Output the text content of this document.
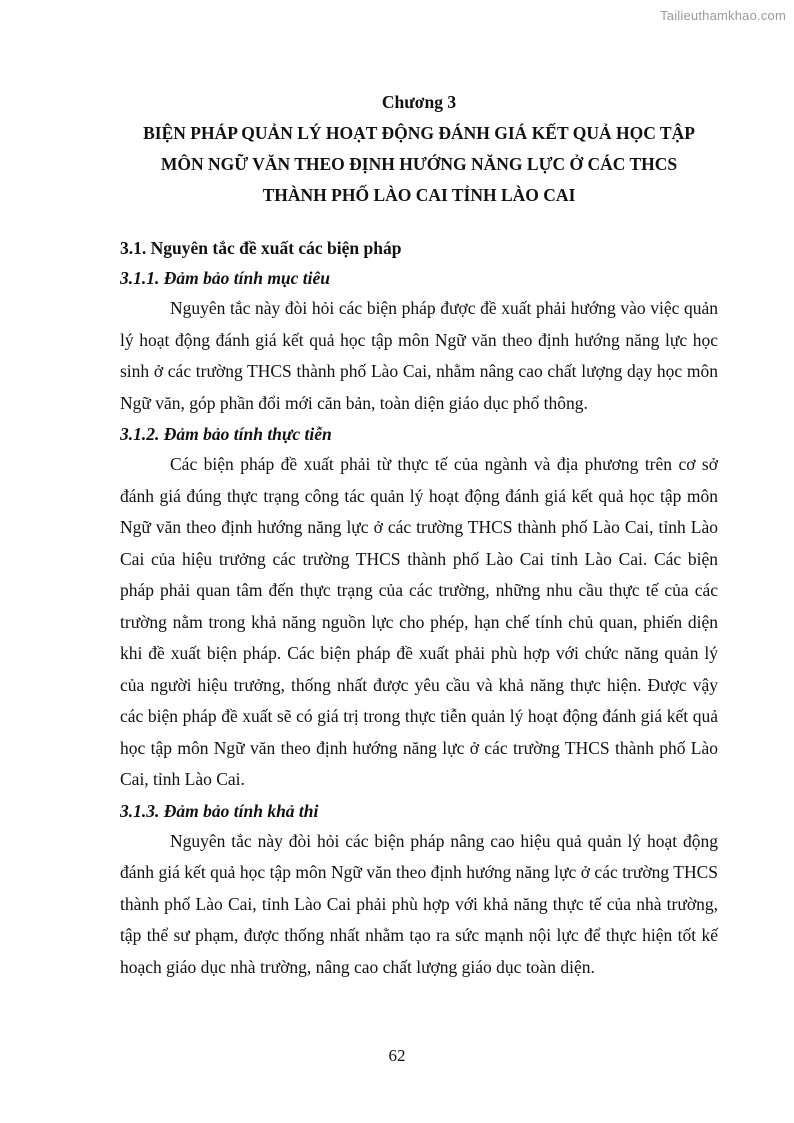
Tailieuthamkhao.com

Chương 3

BIỆN PHÁP QUẢN LÝ HOẠT ĐỘNG ĐÁNH GIÁ KẾT QUẢ HỌC TẬP
MÔN NGỮ VĂN THEO ĐỊNH HƯỚNG NĂNG LỰC Ở CÁC THCS
THÀNH PHỐ LÀO CAI TỈNH LÀO CAI
3.1. Nguyên tắc đề xuất các biện pháp
3.1.1. Đảm bảo tính mục tiêu

Nguyên tắc này đòi hỏi các biện pháp được đề xuất phải hướng vào việc quản lý hoạt động đánh giá kết quả học tập môn Ngữ văn theo định hướng năng lực học sinh ở các trường THCS thành phố Lào Cai, nhằm nâng cao chất lượng dạy học môn Ngữ văn, góp phần đổi mới căn bản, toàn diện giáo dục phổ thông.

3.1.2. Đảm bảo tính thực tiễn

Các biện pháp đề xuất phải từ thực tế của ngành và địa phương trên cơ sở đánh giá đúng thực trạng công tác quản lý hoạt động đánh giá kết quả học tập môn Ngữ văn theo định hướng năng lực ở các trường THCS thành phố Lào Cai, tỉnh Lào Cai của hiệu trưởng các trường THCS thành phố Lào Cai tỉnh Lào Cai. Các biện pháp phải quan tâm đến thực trạng của các trường, những nhu cầu thực tế của các trường nằm trong khả năng nguồn lực cho phép, hạn chế tính chủ quan, phiến diện khi đề xuất biện pháp. Các biện pháp đề xuất phải phù hợp với chức năng quản lý của người hiệu trưởng, thống nhất được yêu cầu và khả năng thực hiện. Được vậy các biện pháp đề xuất sẽ có giá trị trong thực tiễn quản lý hoạt động đánh giá kết quả học tập môn Ngữ văn theo định hướng năng lực ở các trường THCS thành phố Lào Cai, tỉnh Lào Cai.

3.1.3. Đảm bảo tính khả thi

Nguyên tắc này đòi hỏi các biện pháp nâng cao hiệu quả quản lý hoạt động đánh giá kết quả học tập môn Ngữ văn theo định hướng năng lực ở các trường THCS thành phố Lào Cai, tỉnh Lào Cai phải phù hợp với khả năng thực tế của nhà trường, tập thể sư phạm, được thống nhất nhằm tạo ra sức mạnh nội lực để thực hiện tốt kế hoạch giáo dục nhà trường, nâng cao chất lượng giáo dục toàn diện.

62
